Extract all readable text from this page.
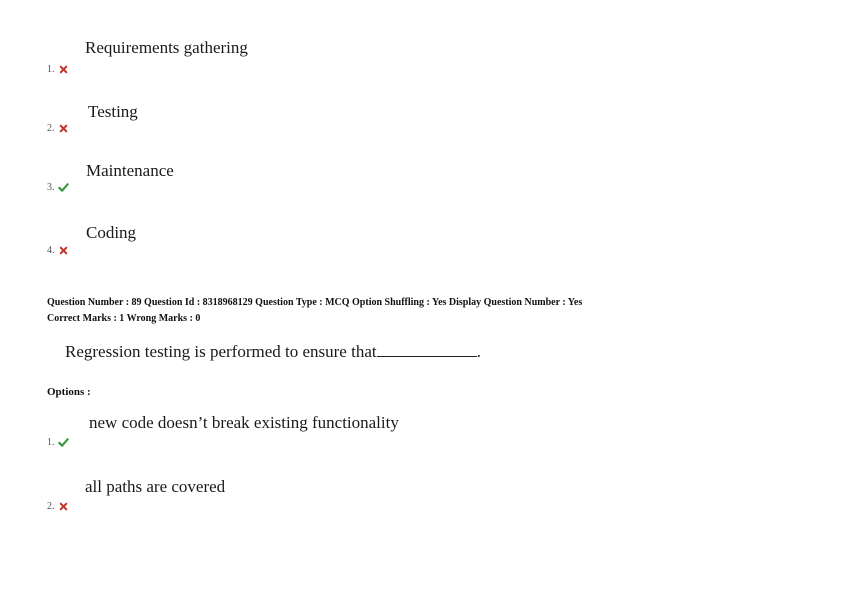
Requirements gathering
1.
Testing
2.
Maintenance
3.
Coding
4.
Question Number : 89 Question Id : 8318968129 Question Type : MCQ Option Shuffling : Yes Display Question Number : Yes
Correct Marks : 1 Wrong Marks : 0
Regression testing is performed to ensure that	.
Options :
new code doesn’t break existing functionality
1.
all paths are covered
2.
